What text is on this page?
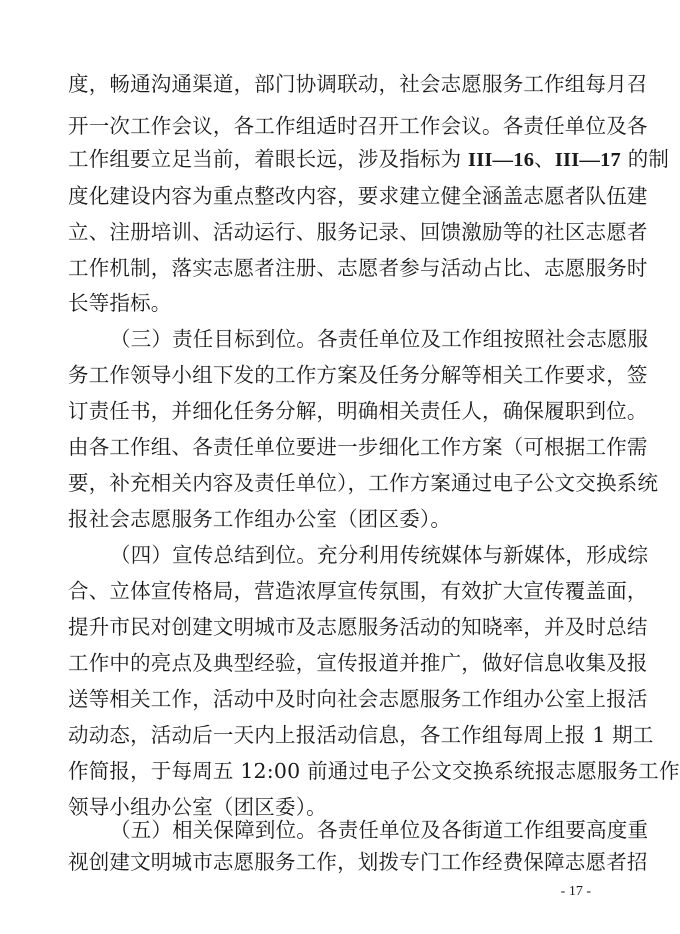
度，畅通沟通渠道，部门协调联动，社会志愿服务工作组每月召
开一次工作会议，各工作组适时召开工作会议。各责任单位及各
工作组要立足当前，着眼长远，涉及指标为 III—16、III—17 的制
度化建设内容为重点整改内容，要求建立健全涵盖志愿者队伍建
立、注册培训、活动运行、服务记录、回馈激励等的社区志愿者
工作机制，落实志愿者注册、志愿者参与活动占比、志愿服务时
长等指标。
（三）责任目标到位。各责任单位及工作组按照社会志愿服
务工作领导小组下发的工作方案及任务分解等相关工作要求，签
订责任书，并细化任务分解，明确相关责任人，确保履职到位。
由各工作组、各责任单位要进一步细化工作方案（可根据工作需
要，补充相关内容及责任单位），工作方案通过电子公文交换系统
报社会志愿服务工作组办公室（团区委）。
（四）宣传总结到位。充分利用传统媒体与新媒体，形成综
合、立体宣传格局，营造浓厚宣传氛围，有效扩大宣传覆盖面，
提升市民对创建文明城市及志愿服务活动的知晓率，并及时总结
工作中的亮点及典型经验，宣传报道并推广，做好信息收集及报
送等相关工作，活动中及时向社会志愿服务工作组办公室上报活
动动态，活动后一天内上报活动信息，各工作组每周上报 1 期工
作简报，于每周五 12:00 前通过电子公文交换系统报志愿服务工作
领导小组办公室（团区委）。
（五）相关保障到位。各责任单位及各街道工作组要高度重
视创建文明城市志愿服务工作，划拨专门工作经费保障志愿者招
- 17 -
